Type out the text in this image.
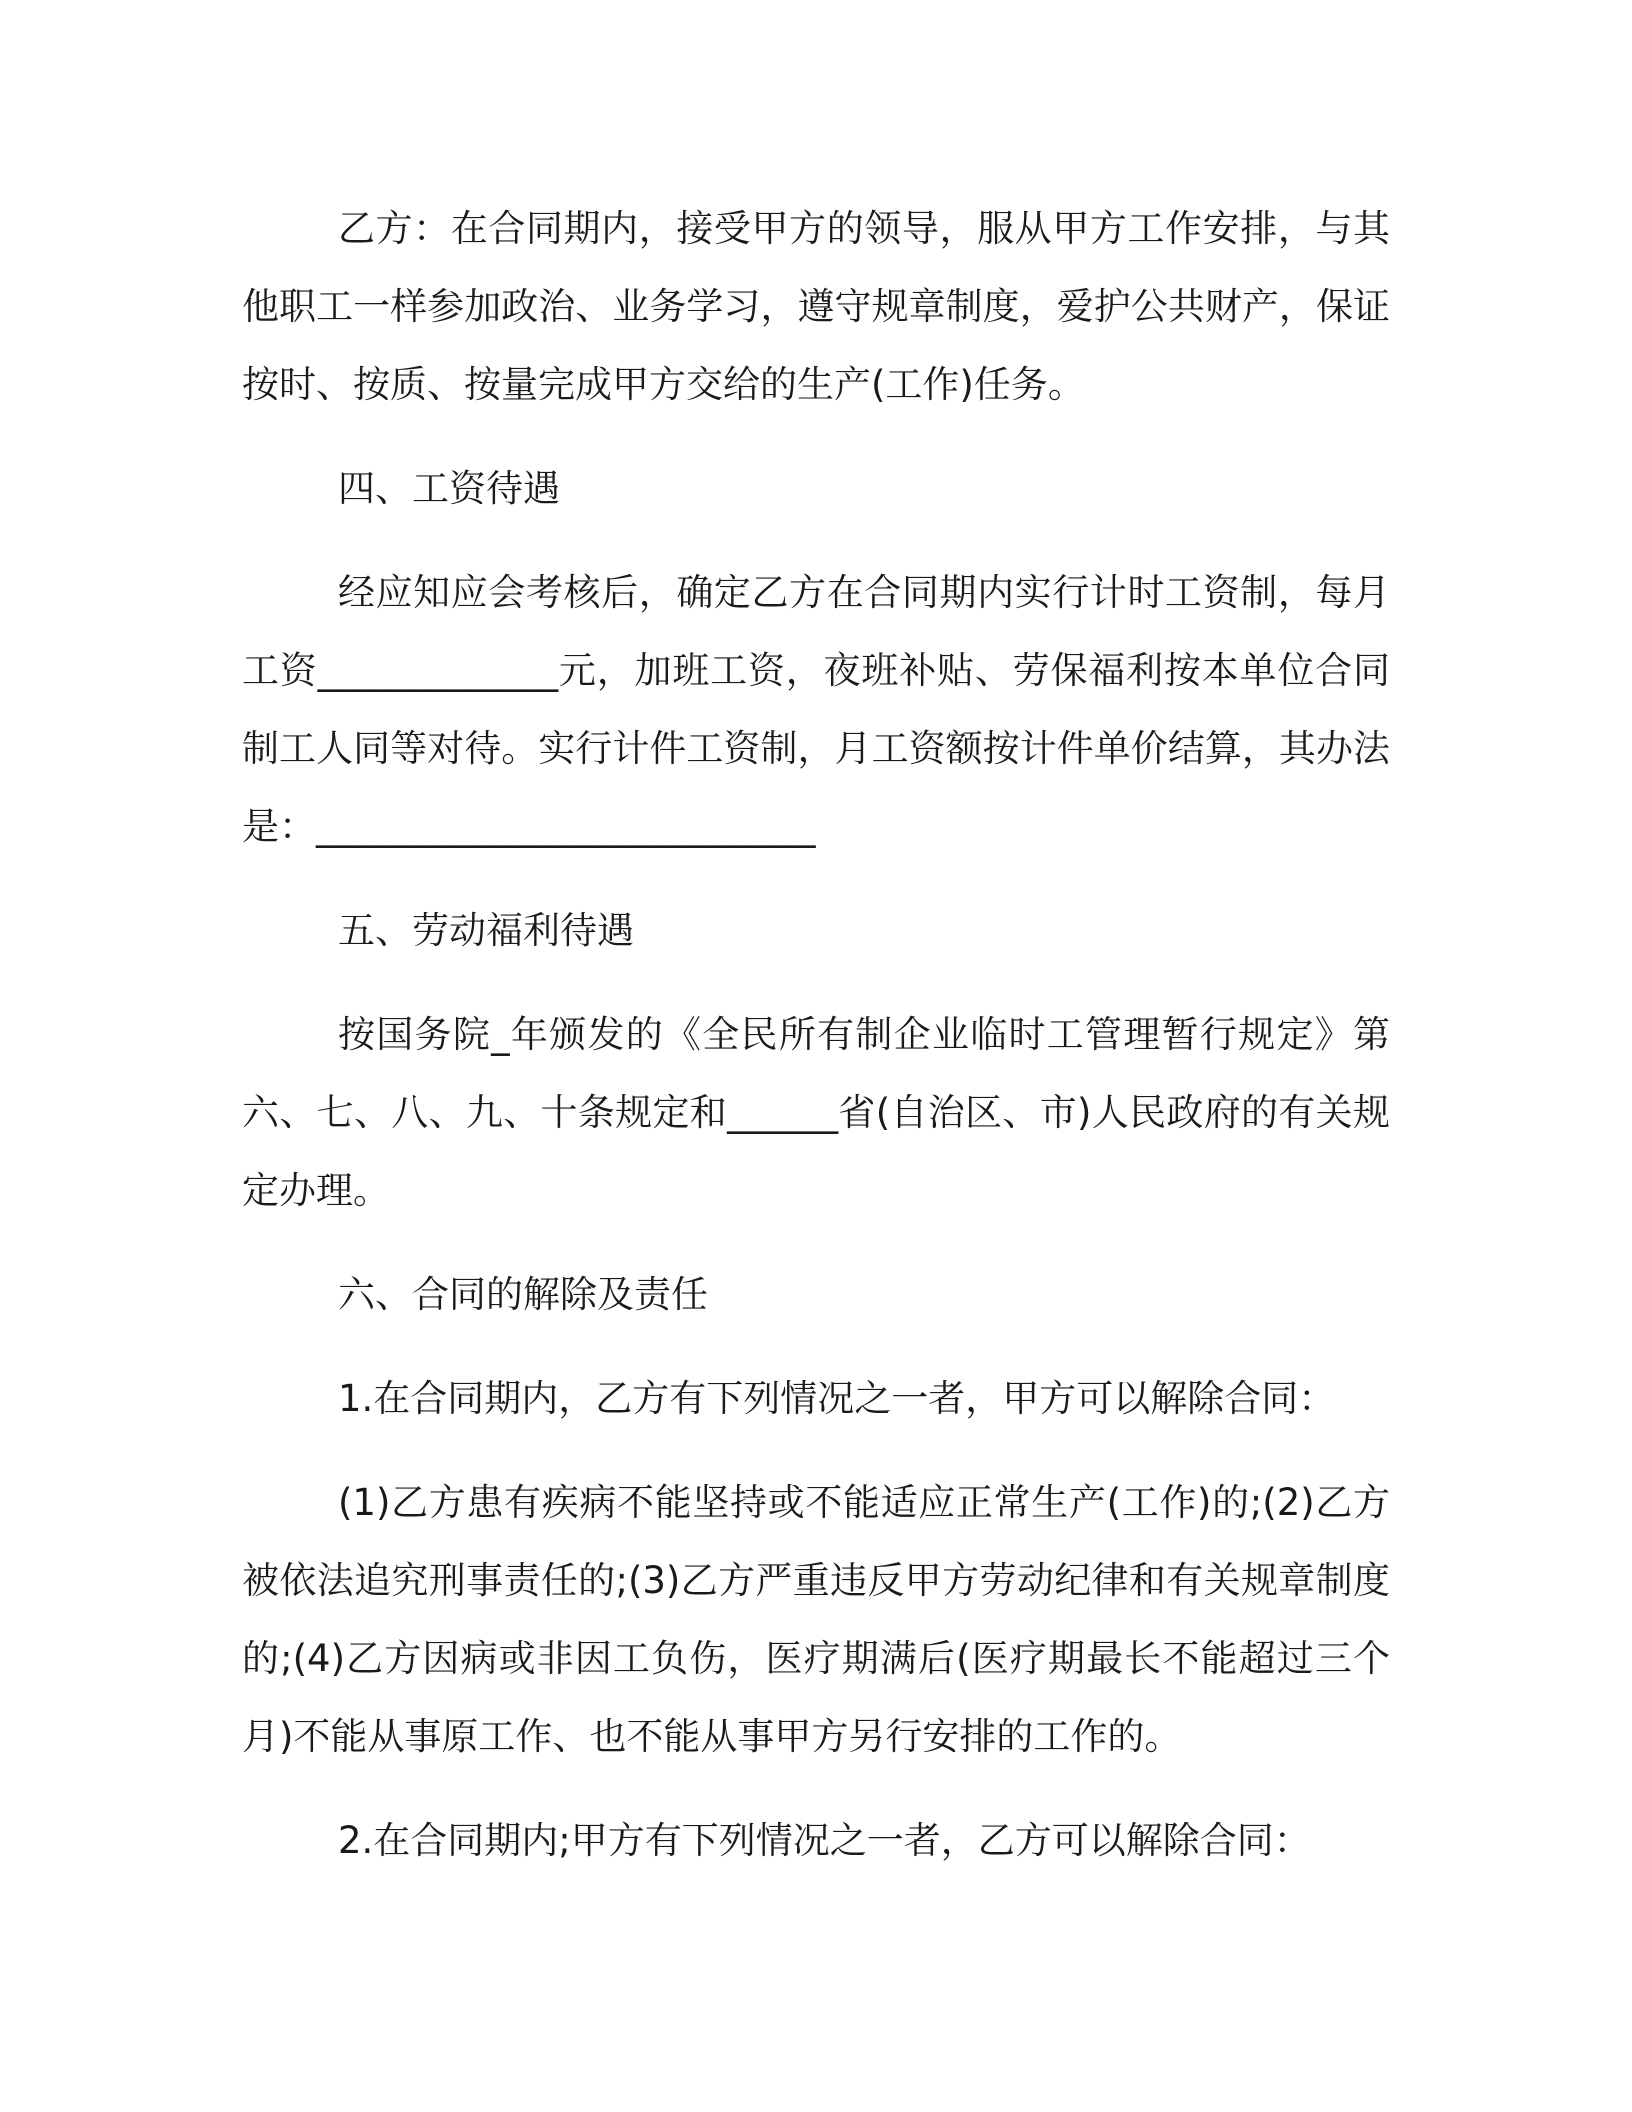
乙方：在合同期内，接受甲方的领导，服从甲方工作安排，与其他职工一样参加政治、业务学习，遵守规章制度，爱护公共财产，保证按时、按质、按量完成甲方交给的生产(工作)任务。

四、工资待遇

经应知应会考核后，确定乙方在合同期内实行计时工资制，每月工资_____________元，加班工资，夜班补贴、劳保福利按本单位合同制工人同等对待。实行计件工资制，月工资额按计件单价结算，其办法是：___________________________

五、劳动福利待遇

按国务院_年颁发的《全民所有制企业临时工管理暂行规定》第六、七、八、九、十条规定和______省(自治区、市)人民政府的有关规定办理。

六、合同的解除及责任

1.在合同期内，乙方有下列情况之一者，甲方可以解除合同：

(1)乙方患有疾病不能坚持或不能适应正常生产(工作)的;(2)乙方被依法追究刑事责任的;(3)乙方严重违反甲方劳动纪律和有关规章制度的;(4)乙方因病或非因工负伤，医疗期满后(医疗期最长不能超过三个月)不能从事原工作、也不能从事甲方另行安排的工作的。

2.在合同期内;甲方有下列情况之一者，乙方可以解除合同：
